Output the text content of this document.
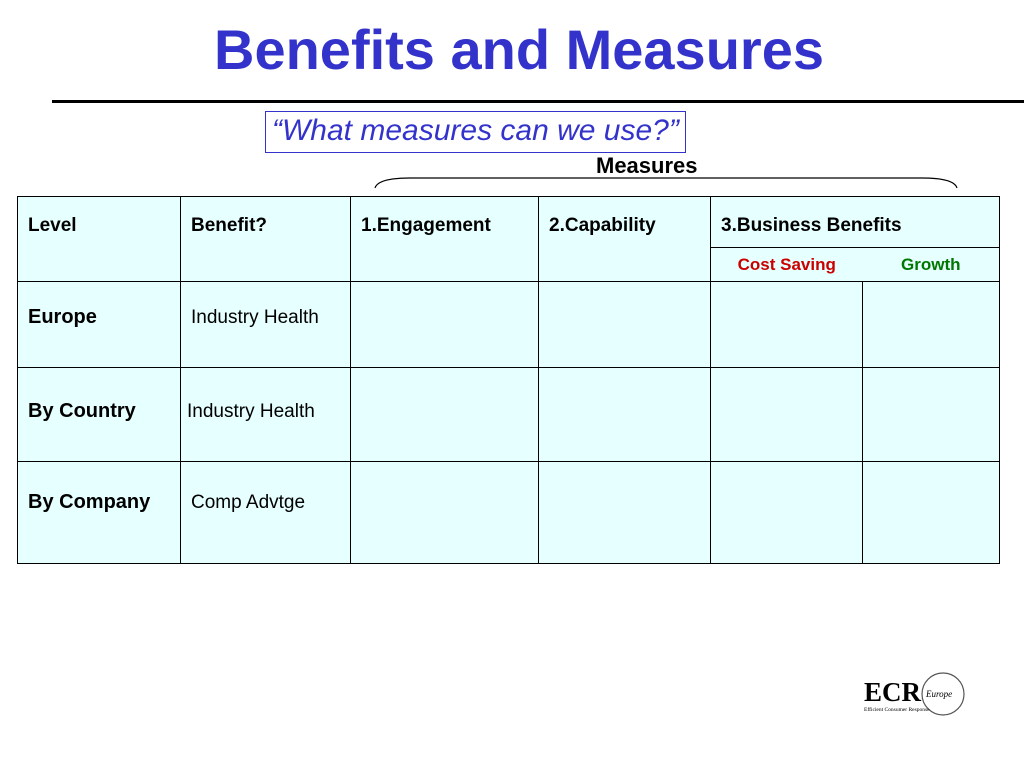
Benefits and Measures
“What measures can we use?”
Measures
Level	Benefit?	1.Engagement	2.Capability	3.Business Benefits	
				Cost Saving	Growth
Europe	Industry Health				
By Country	Industry Health				
By Company	Comp Advtge				
ECR Europe
Efficient Consumer Response
